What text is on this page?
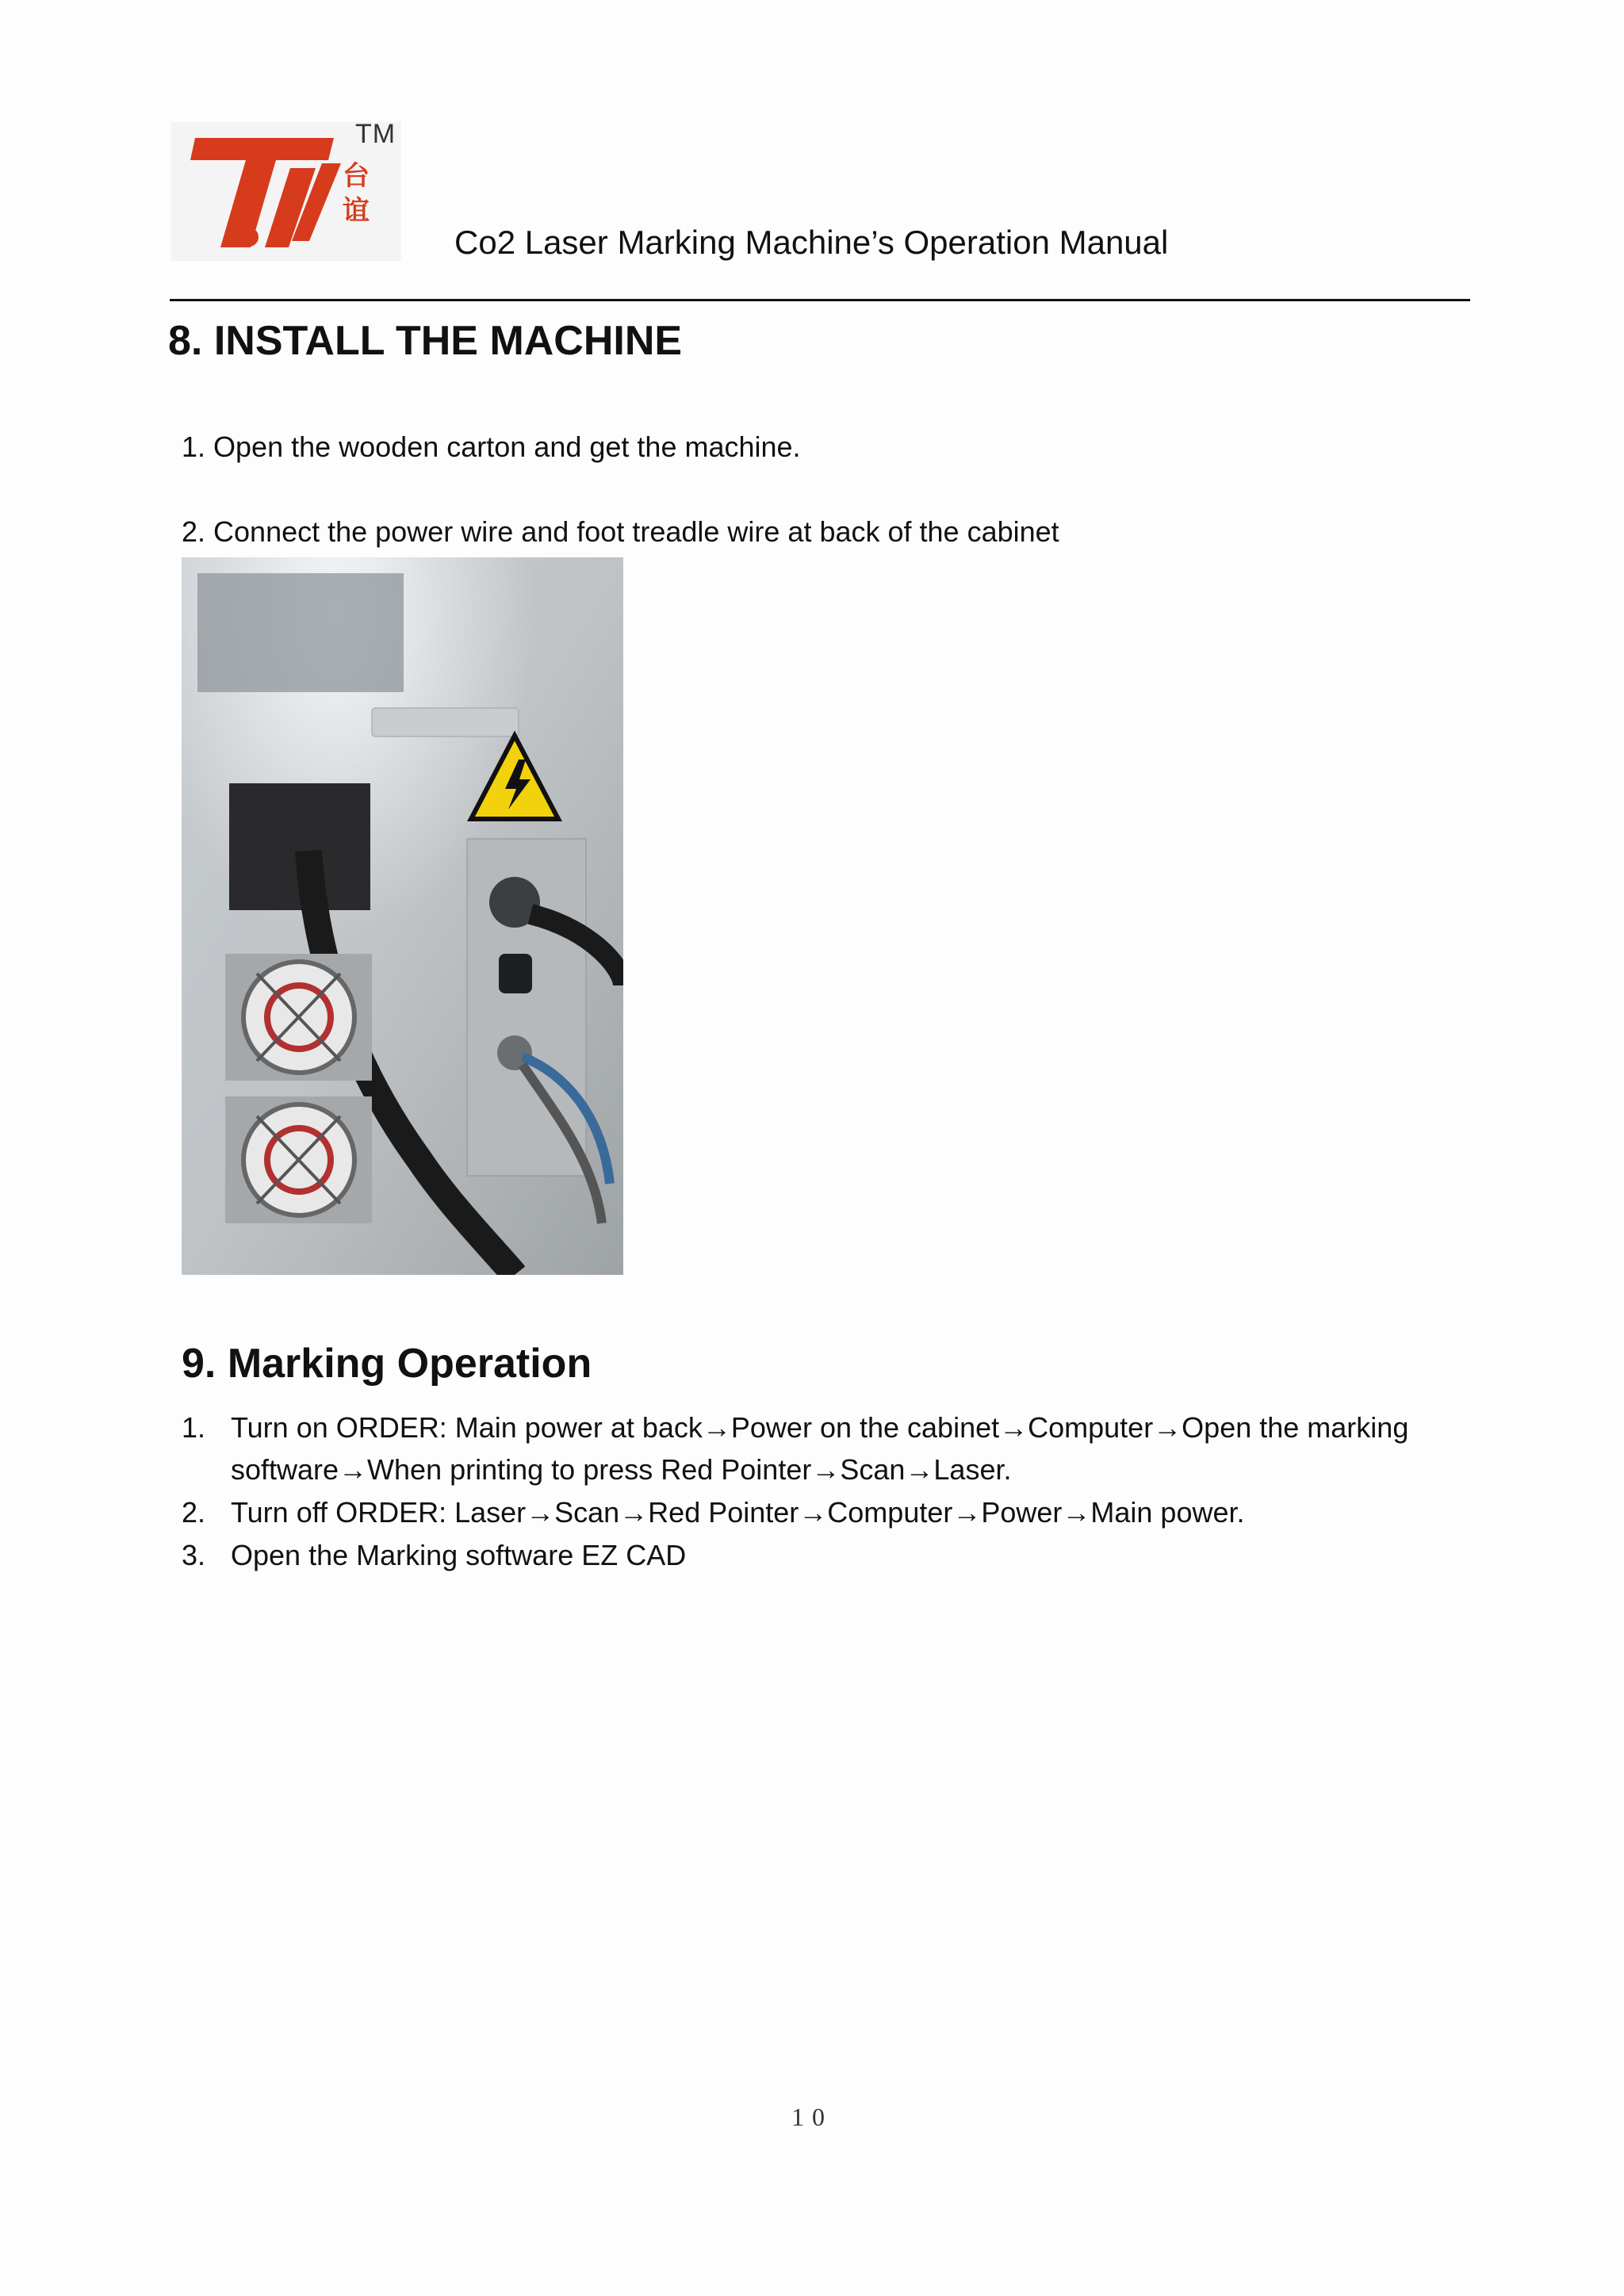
TM
台
谊
Co2 Laser Marking Machine’s Operation Manual
8. INSTALL THE MACHINE
1. Open the wooden carton and get the machine.
2. Connect the power wire and foot treadle wire at back of the cabinet
9. Marking Operation
1. Turn on ORDER: Main power at back→Power on the cabinet→Computer→Open the marking
software→When printing to press Red Pointer→Scan→Laser.
2. Turn off ORDER: Laser→Scan→Red Pointer→Computer→Power→Main power.
3. Open the Marking software EZ CAD
10
